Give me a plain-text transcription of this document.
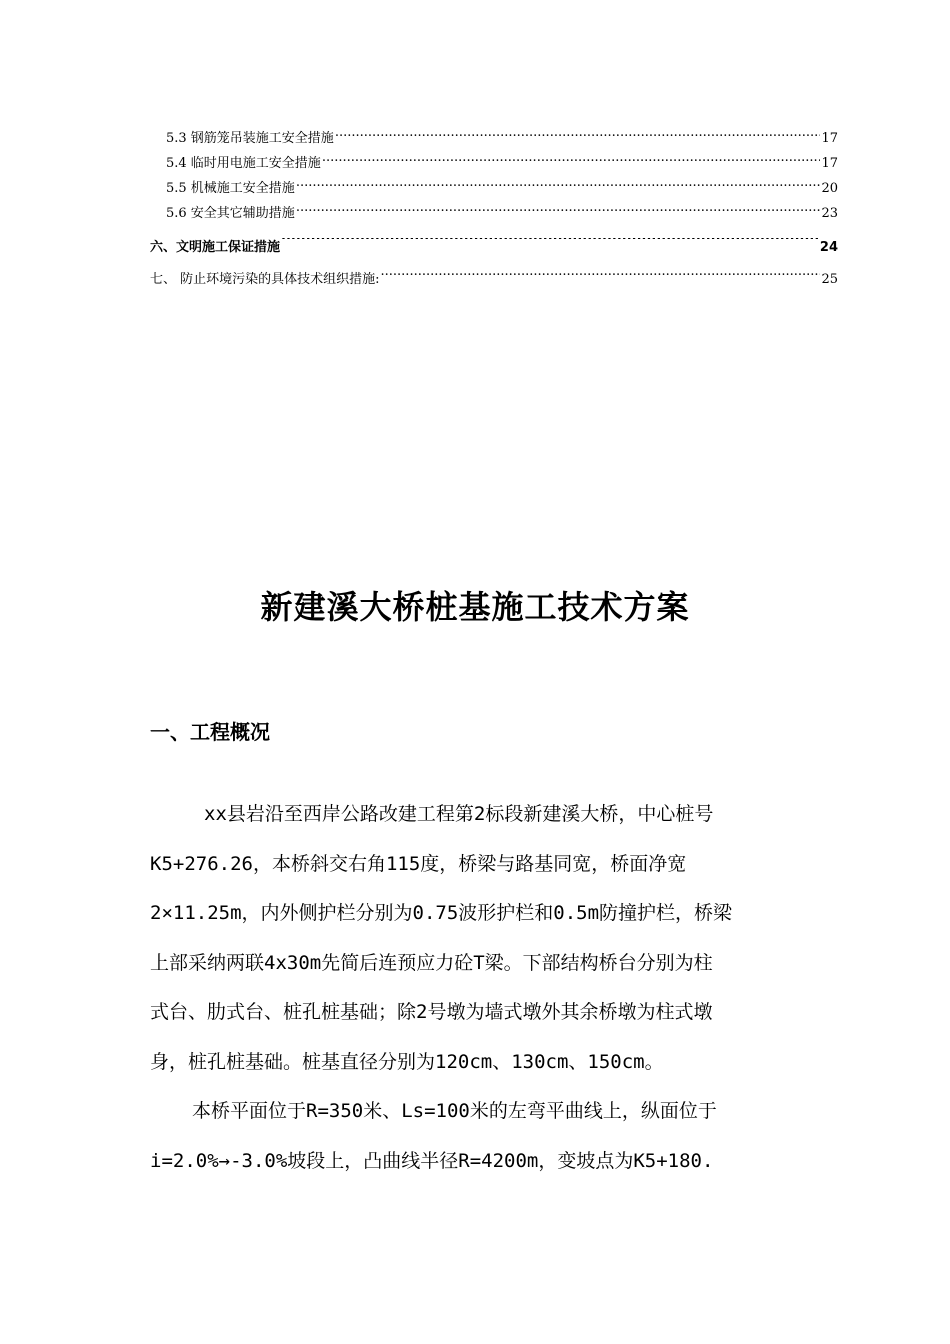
5.3 钢筋笼吊装施工安全措施 .....	17
5.4 临时用电施工安全措施 .....	17
5.5 机械施工安全措施 .....	20
5.6 安全其它辅助措施 .....	23
六、文明施工保证措施 .....	24
七、 防止环境污染的具体技术组织措施: .....	25
新建溪大桥桩基施工技术方案
一、工程概况
xx县岩沿至西岸公路改建工程第2标段新建溪大桥，中心桩号
K5+276.26，本桥斜交右角115度，桥梁与路基同宽，桥面净宽
2×11.25m，内外侧护栏分别为0.75波形护栏和0.5m防撞护栏，桥梁
上部采纳两联4x30m先简后连预应力砼T梁。下部结构桥台分别为柱
式台、肋式台、桩孔桩基础；除2号墩为墙式墩外其余桥墩为柱式墩
身，桩孔桩基础。桩基直径分别为120cm、130cm、150cm。
本桥平面位于R=350米、Ls=100米的左弯平曲线上，纵面位于
i=2.0%→-3.0%坡段上，凸曲线半径R=4200m，变坡点为K5+180.
